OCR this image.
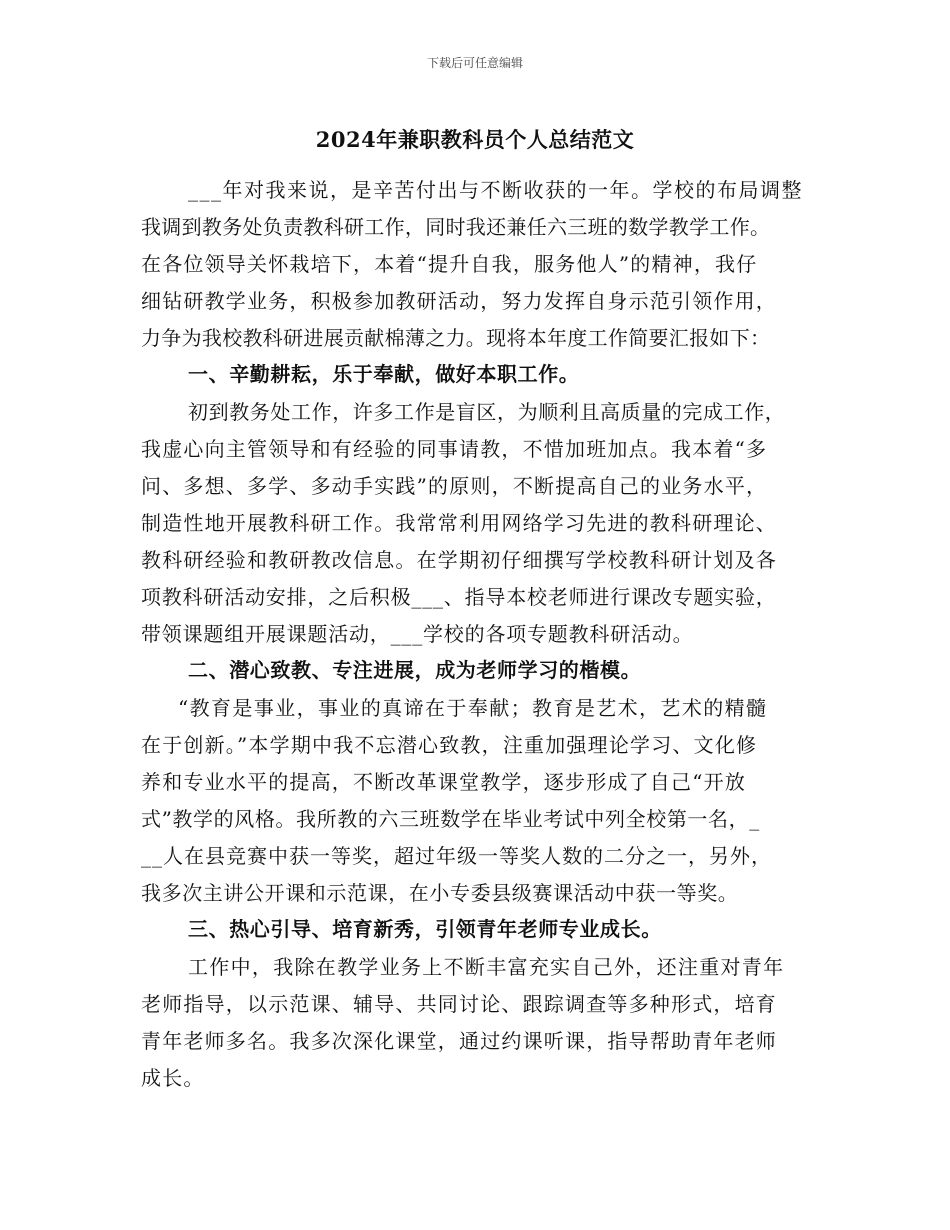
下载后可任意编辑
2024年兼职教科员个人总结范文
___年对我来说，是辛苦付出与不断收获的一年。学校的布局调整
我调到教务处负责教科研工作，同时我还兼任六三班的数学教学工作。
在各位领导关怀栽培下，本着“提升自我，服务他人”的精神，我仔
细钻研教学业务，积极参加教研活动，努力发挥自身示范引领作用，
力争为我校教科研进展贡献棉薄之力。现将本年度工作简要汇报如下：
一、辛勤耕耘，乐于奉献，做好本职工作。
初到教务处工作，许多工作是盲区，为顺利且高质量的完成工作，
我虚心向主管领导和有经验的同事请教，不惜加班加点。我本着“多
问、多想、多学、多动手实践”的原则，不断提高自己的业务水平，
制造性地开展教科研工作。我常常利用网络学习先进的教科研理论、
教科研经验和教研教改信息。在学期初仔细撰写学校教科研计划及各
项教科研活动安排，之后积极___、指导本校老师进行课改专题实验，
带领课题组开展课题活动，___学校的各项专题教科研活动。
二、潜心致教、专注进展，成为老师学习的楷模。
“教育是事业，事业的真谛在于奉献；教育是艺术，艺术的精髓
在于创新。”本学期中我不忘潜心致教，注重加强理论学习、文化修
养和专业水平的提高，不断改革课堂教学，逐步形成了自己“开放
式”教学的风格。我所教的六三班数学在毕业考试中列全校第一名，_
__人在县竞赛中获一等奖，超过年级一等奖人数的二分之一，另外，
我多次主讲公开课和示范课，在小专委县级赛课活动中获一等奖。
三、热心引导、培育新秀，引领青年老师专业成长。
工作中，我除在教学业务上不断丰富充实自己外，还注重对青年
老师指导，以示范课、辅导、共同讨论、跟踪调查等多种形式，培育
青年老师多名。我多次深化课堂，通过约课听课，指导帮助青年老师
成长。
